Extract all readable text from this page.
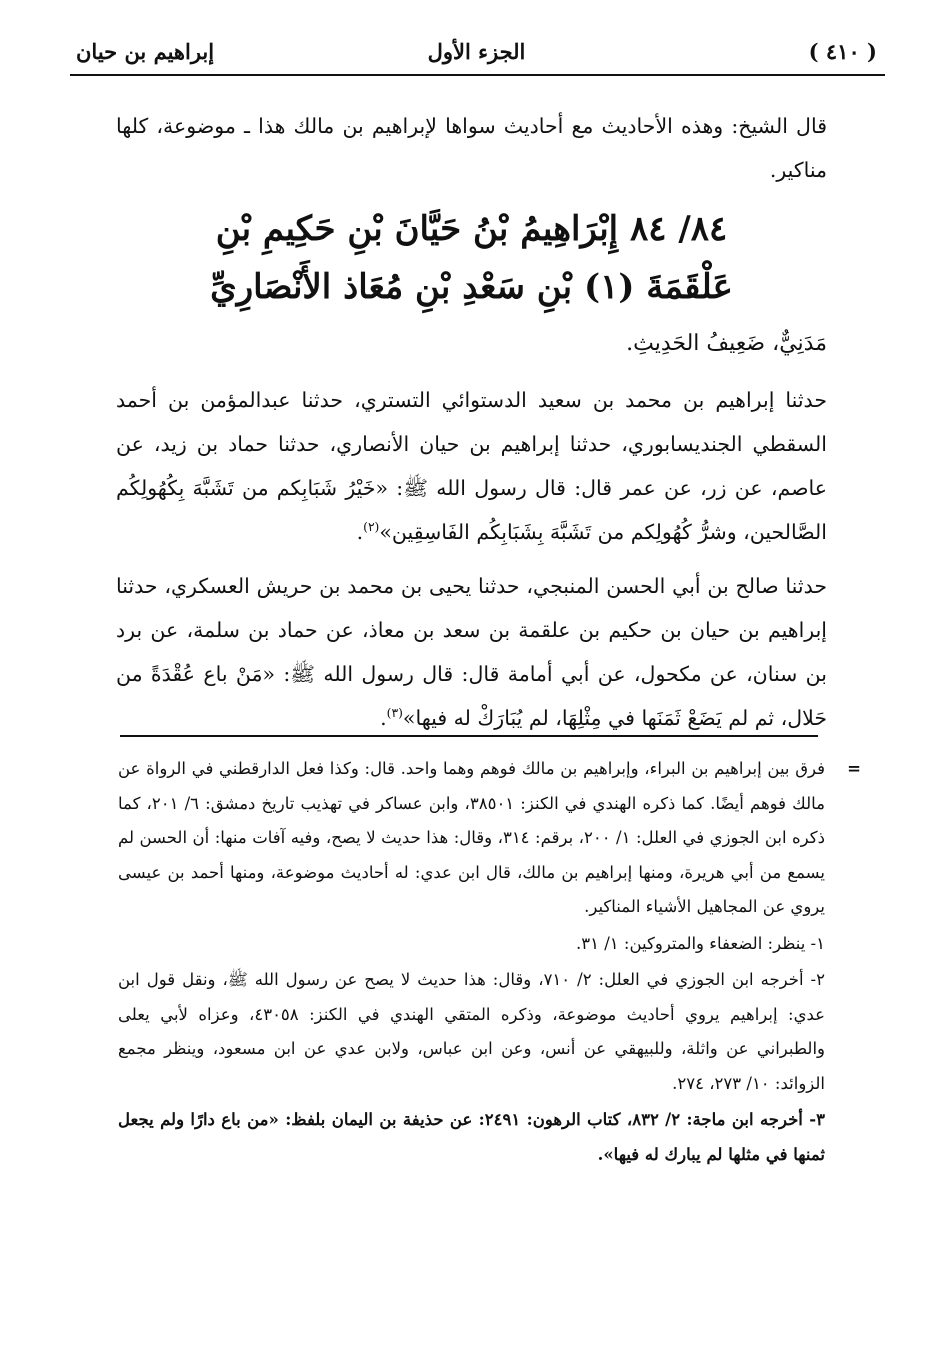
( ٤١٠ )
الجزء الأول
إبراهيم بن حيان

قال الشيخ: وهذه الأحاديث مع أحاديث سواها لإبراهيم بن مالك هذا ـ موضوعة، كلها مناكير.

٨٤/ ٨٤ إِبْرَاهِيمُ بْنُ حَيَّانَ بْنِ حَكِيمِ بْنِ
عَلْقَمَةَ (١) بْنِ سَعْدِ بْنِ مُعَاذ الأَنْصَارِيِّ

مَدَنِيٌّ، ضَعِيفُ الحَدِيثِ.

حدثنا إبراهيم بن محمد بن سعيد الدستوائي التستري، حدثنا عبدالمؤمن بن أحمد السقطي الجنديسابوري، حدثنا إبراهيم بن حيان الأنصاري، حدثنا حماد بن زيد، عن عاصم، عن زر، عن عمر قال: قال رسول الله ﷺ: «خَيْرُ شَبَابِكم من تَشَبَّهَ بِكُهُولِكُم الصَّالحين، وشرُّ كُهُولِكم من تَشَبَّهَ بِشَبَابِكُم الفَاسِقِين»$^{(٢)}$.

حدثنا صالح بن أبي الحسن المنبجي، حدثنا يحيى بن محمد بن حريش العسكري، حدثنا إبراهيم بن حيان بن حكيم بن علقمة بن سعد بن معاذ، عن حماد بن سلمة، عن برد بن سنان، عن مكحول، عن أبي أمامة قال: قال رسول الله ﷺ: «مَنْ باع عُقْدَةً من حَلال، ثم لم يَضَعْ ثَمَنَها في مِثْلِهَا، لم يُبَارَكْ له فيها»$^{(٣)}$.

=
فرق بين إبراهيم بن البراء، وإبراهيم بن مالك فوهم وهما واحد. قال: وكذا فعل الدارقطني في الرواة عن مالك فوهم أيضًا. كما ذكره الهندي في الكنز: ٣٨٥٠١، وابن عساكر في تهذيب تاريخ دمشق: ٦/ ٢٠١، كما ذكره ابن الجوزي في العلل: ١/ ٢٠٠، برقم: ٣١٤، وقال: هذا حديث لا يصح، وفيه آفات منها: أن الحسن لم يسمع من أبي هريرة، ومنها إبراهيم بن مالك، قال ابن عدي: له أحاديث موضوعة، ومنها أحمد بن عيسى يروي عن المجاهيل الأشياء المناكير.

١- ينظر: الضعفاء والمتروكين: ١/ ٣١.

٢- أخرجه ابن الجوزي في العلل: ٢/ ٧١٠، وقال: هذا حديث لا يصح عن رسول الله ﷺ، ونقل قول ابن عدي: إبراهيم يروي أحاديث موضوعة، وذكره المتقي الهندي في الكنز: ٤٣٠٥٨، وعزاه لأبي يعلى والطبراني عن واثلة، وللبيهقي عن أنس، وعن ابن عباس، ولابن عدي عن ابن مسعود، وينظر مجمع الزوائد: ١٠/ ٢٧٣، ٢٧٤.

٣- أخرجه ابن ماجة: ٢/ ٨٣٢، كتاب الرهون: ٢٤٩١: عن حذيفة بن اليمان بلفظ: «من باع دارًا ولم يجعل ثمنها في مثلها لم يبارك له فيها».
